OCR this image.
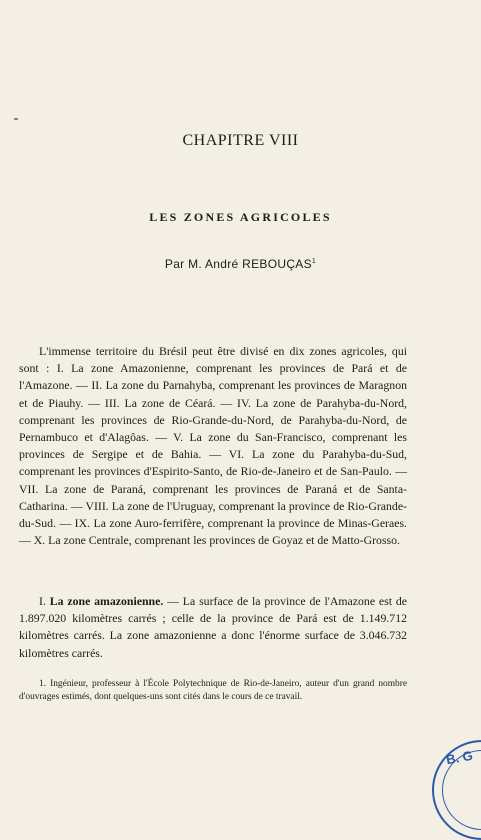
CHAPITRE VIII
LES ZONES AGRICOLES
Par M. André REBOUÇAS$^1$

L'immense territoire du Brésil peut être divisé en dix zones agricoles, qui sont : I. La zone Amazonienne, comprenant les provinces de Pará et de l'Amazone. — II. La zone du Parnahyba, comprenant les provinces de Maragnon et de Piauhy. — III. La zone de Céará. — IV. La zone de Parahyba-du-Nord, comprenant les provinces de Rio-Grande-du-Nord, de Parahyba-du-Nord, de Pernambuco et d'Alagôas. — V. La zone du San-Francisco, comprenant les provinces de Sergipe et de Bahia. — VI. La zone du Parahyba-du-Sud, comprenant les provinces d'Espirito-Santo, de Rio-de-Janeiro et de San-Paulo. — VII. La zone de Paraná, comprenant les provinces de Paraná et de Santa-Catharina. — VIII. La zone de l'Uruguay, comprenant la province de Rio-Grande-du-Sud. — IX. La zone Auro-ferrifère, comprenant la province de Minas-Geraes. — X. La zone Centrale, comprenant les provinces de Goyaz et de Matto-Grosso.

I. La zone amazonienne. — La surface de la province de l'Amazone est de 1.897.020 kilomètres carrés ; celle de la province de Pará est de 1.149.712 kilomètres carrés. La zone amazonienne a donc l'énorme surface de 3.046.732 kilomètres carrés.

1. Ingénieur, professeur à l'École Polytechnique de Rio-de-Janeiro, auteur d'un grand nombre d'ouvrages estimés, dont quelques-uns sont cités dans le cours de ce travail.

B. G
